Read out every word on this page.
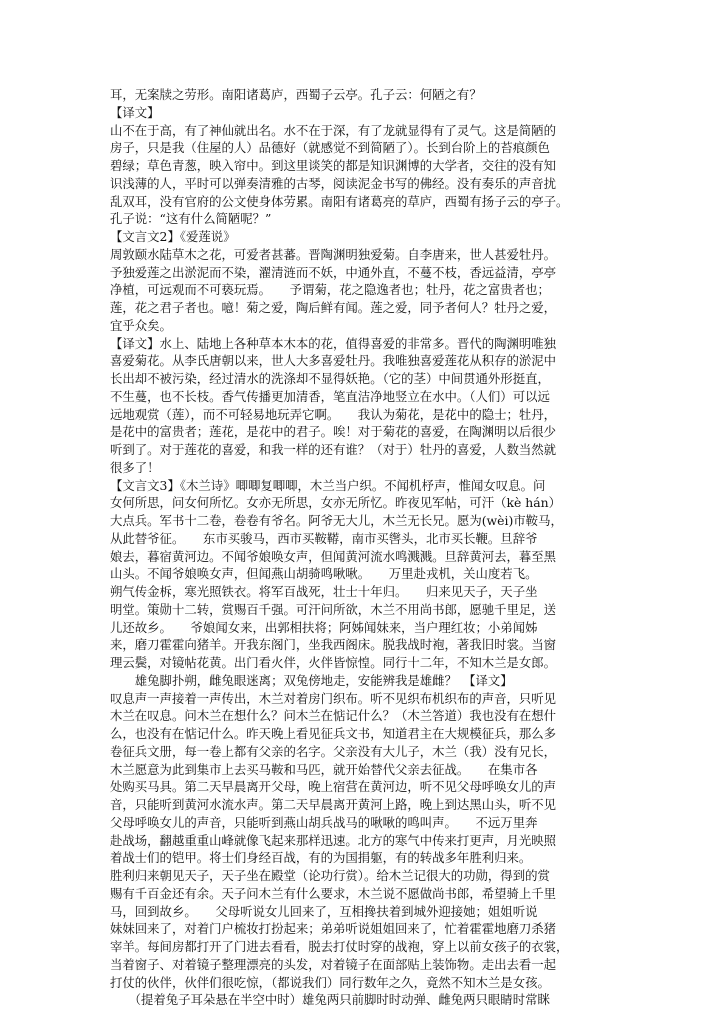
耳，无案牍之劳形。南阳诸葛庐，西蜀子云亭。孔子云：何陋之有？
【译文】
山不在于高，有了神仙就出名。水不在于深，有了龙就显得有了灵气。这是简陋的
房子，只是我（住屋的人）品德好（就感觉不到简陋了）。长到台阶上的苔痕颜色
碧绿；草色青葱，映入帘中。到这里谈笑的都是知识渊博的大学者，交往的没有知
识浅薄的人，平时可以弹奏清雅的古琴，阅读泥金书写的佛经。没有奏乐的声音扰
乱双耳，没有官府的公文使身体劳累。南阳有诸葛亮的草庐，西蜀有扬子云的亭子。
孔子说：“这有什么简陋呢？”
【文言文2】《爱莲说》
周敦颐水陆草木之花，可爱者甚蕃。晋陶渊明独爱菊。自李唐来，世人甚爱牡丹。
予独爱莲之出淤泥而不染，濯清涟而不妖，中通外直，不蔓不枝，香远益清，亭亭
净植，可远观而不可亵玩焉。　　予谓菊，花之隐逸者也；牡丹，花之富贵者也；
莲，花之君子者也。噫！菊之爱，陶后鲜有闻。莲之爱，同予者何人？牡丹之爱，
宜乎众矣。
【译文】水上、陆地上各种草本木本的花，值得喜爱的非常多。晋代的陶渊明唯独
喜爱菊花。从李氏唐朝以来，世人大多喜爱牡丹。我唯独喜爱莲花从积存的淤泥中
长出却不被污染，经过清水的洗涤却不显得妖艳。（它的茎）中间贯通外形挺直，
不生蔓，也不长枝。香气传播更加清香，笔直洁净地竖立在水中。（人们）可以远
远地观赏（莲），而不可轻易地玩弄它啊。　　我认为菊花，是花中的隐士；牡丹，
是花中的富贵者；莲花，是花中的君子。唉！对于菊花的喜爱，在陶渊明以后很少
听到了。对于莲花的喜爱，和我一样的还有谁？（对于）牡丹的喜爱，人数当然就
很多了！
【文言文3】《木兰诗》唧唧复唧唧，木兰当户织。不闻机杼声，惟闻女叹息。问
女何所思，问女何所忆。女亦无所思，女亦无所忆。昨夜见军帖，可汗（kè hán）
大点兵。军书十二卷，卷卷有爷名。阿爷无大儿，木兰无长兄。愿为(wèi)市鞍马，
从此替爷征。　　东市买骏马，西市买鞍鞯，南市买辔头，北市买长鞭。旦辞爷
娘去，暮宿黄河边。不闻爷娘唤女声，但闻黄河流水鸣溅溅。旦辞黄河去，暮至黑
山头。不闻爷娘唤女声，但闻燕山胡骑鸣啾啾。　　万里赴戎机，关山度若飞。
朔气传金柝，寒光照铁衣。将军百战死，壮士十年归。　　归来见天子，天子坐
明堂。策勋十二转，赏赐百千强。可汗问所欲，木兰不用尚书郎，愿驰千里足，送
儿还故乡。　　爷娘闻女来，出郭相扶将；阿姊闻妹来，当户理红妆；小弟闻姊
来，磨刀霍霍向猪羊。开我东阁门，坐我西阁床。脱我战时袍，著我旧时裳。当窗
理云鬓，对镜帖花黄。出门看火伴，火伴皆惊惶。同行十二年，不知木兰是女郎。
　　雄兔脚扑朔，雌兔眼迷离；双兔傍地走，安能辨我是雄雌？　【译文】
叹息声一声接着一声传出，木兰对着房门织布。听不见织布机织布的声音，只听见
木兰在叹息。问木兰在想什么？问木兰在惦记什么？（木兰答道）我也没有在想什
么，也没有在惦记什么。昨天晚上看见征兵文书，知道君主在大规模征兵，那么多
卷征兵文册，每一卷上都有父亲的名字。父亲没有大儿子，木兰（我）没有兄长，
木兰愿意为此到集市上去买马鞍和马匹，就开始替代父亲去征战。　　在集市各
处购买马具。第二天早晨离开父母，晚上宿营在黄河边，听不见父母呼唤女儿的声
音，只能听到黄河水流水声。第二天早晨离开黄河上路，晚上到达黑山头，听不见
父母呼唤女儿的声音，只能听到燕山胡兵战马的啾啾的鸣叫声。　　不远万里奔
赴战场，翻越重重山峰就像飞起来那样迅速。北方的寒气中传来打更声，月光映照
着战士们的铠甲。将士们身经百战，有的为国捐躯，有的转战多年胜利归来。
胜利归来朝见天子，天子坐在殿堂（论功行赏）。给木兰记很大的功勋，得到的赏
赐有千百金还有余。天子问木兰有什么要求，木兰说不愿做尚书郎，希望骑上千里
马，回到故乡。　　父母听说女儿回来了，互相搀扶着到城外迎接她；姐姐听说
妹妹回来了，对着门户梳妆打扮起来；弟弟听说姐姐回来了，忙着霍霍地磨刀杀猪
宰羊。每间房都打开了门进去看看，脱去打仗时穿的战袍，穿上以前女孩子的衣裳，
当着窗子、对着镜子整理漂亮的头发，对着镜子在面部贴上装饰物。走出去看一起
打仗的伙伴，伙伴们很吃惊，（都说我们）同行数年之久，竟然不知木兰是女孩。
　　（提着兔子耳朵悬在半空中时）雄兔两只前脚时时动弹、雌兔两只眼睛时常眯
